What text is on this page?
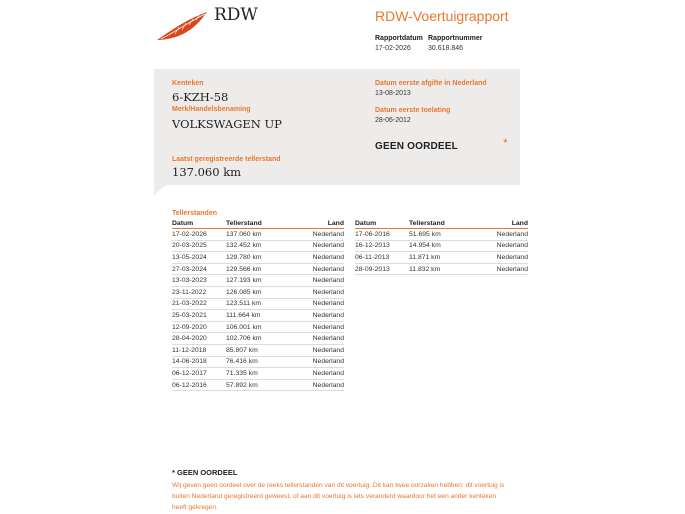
RDW	RDW-Voertuigrapport
Rapportdatum
17-02-2026
Rapportnummer
30.618.846
Kenteken
6-KZH-58
Merk/Handelsbenaming
VOLKSWAGEN UP
Laatst geregistreerde tellerstand
137.060 km
Datum eerste afgifte in Nederland
13-08-2013
Datum eerste toelating
28-06-2012
GEEN OORDEEL	*
Tellerstanden
Datum	Tellerstand	Land
17-02-2026	137.060 km	Nederland
20-03-2025	132.452 km	Nederland
13-05-2024	129.780 km	Nederland
27-03-2024	129.566 km	Nederland
13-03-2023	127.193 km	Nederland
23-11-2022	126.085 km	Nederland
21-03-2022	123.511 km	Nederland
25-03-2021	111.664 km	Nederland
12-09-2020	106.001 km	Nederland
28-04-2020	102.706 km	Nederland
11-12-2018	85.807 km	Nederland
14-06-2018	76.416 km	Nederland
06-12-2017	71.335 km	Nederland
06-12-2016	57.892 km	Nederland
Datum	Tellerstand	Land
17-06-2016	51.695 km	Nederland
16-12-2013	14.954 km	Nederland
06-11-2013	11.871 km	Nederland
28-09-2013	11.832 km	Nederland
* GEEN OORDEEL
Wij geven geen oordeel over de reeks tellerstanden van dit voertuig. Dit kan twee oorzaken hebben: dit voertuig is buiten Nederland geregistreerd geweest, of aan dit voertuig is iets veranderd waardoor het een ander kenteken heeft gekregen.
